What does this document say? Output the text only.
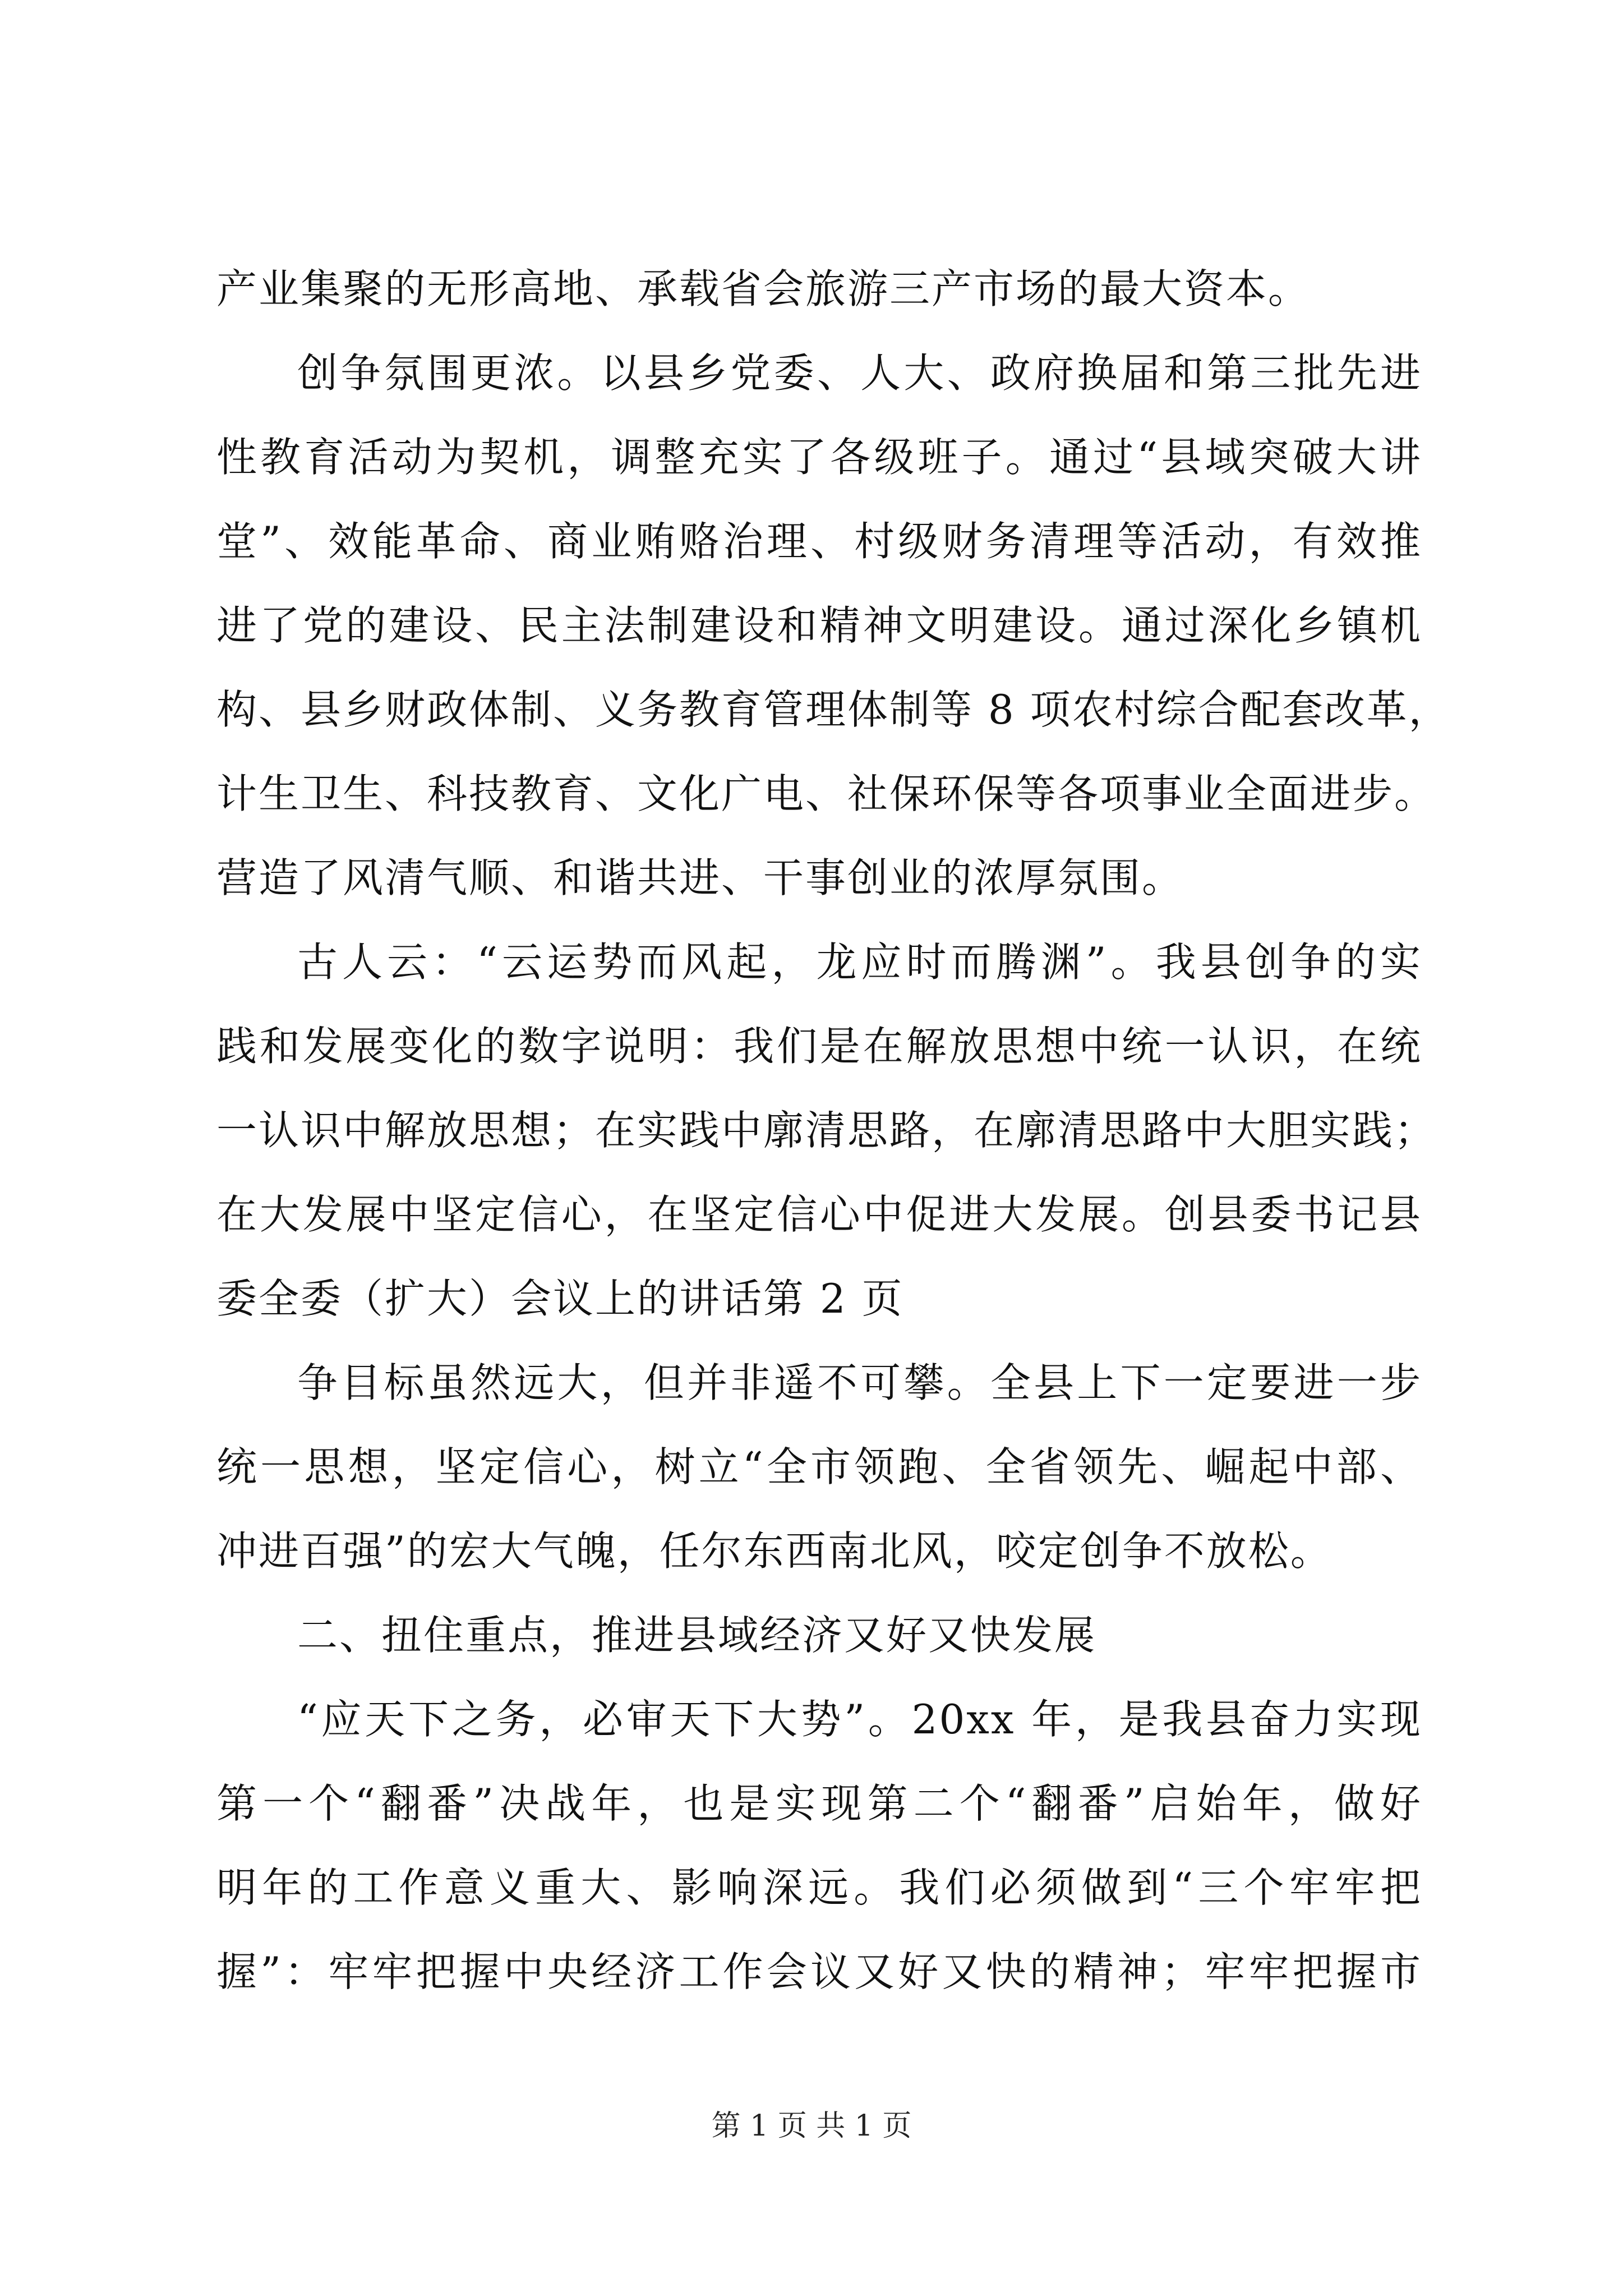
产业集聚的无形高地、承载省会旅游三产市场的最大资本。
创争氛围更浓。以县乡党委、人大、政府换届和第三批先进
性教育活动为契机，调整充实了各级班子。通过“县域突破大讲
堂”、效能革命、商业贿赂治理、村级财务清理等活动，有效推
进了党的建设、民主法制建设和精神文明建设。通过深化乡镇机
构、县乡财政体制、义务教育管理体制等 8 项农村综合配套改革，
计生卫生、科技教育、文化广电、社保环保等各项事业全面进步。
营造了风清气顺、和谐共进、干事创业的浓厚氛围。
古人云：“云运势而风起，龙应时而腾渊”。我县创争的实
践和发展变化的数字说明：我们是在解放思想中统一认识，在统
一认识中解放思想；在实践中廓清思路，在廓清思路中大胆实践；
在大发展中坚定信心，在坚定信心中促进大发展。创县委书记县
委全委（扩大）会议上的讲话第 2 页
争目标虽然远大，但并非遥不可攀。全县上下一定要进一步
统一思想，坚定信心，树立“全市领跑、全省领先、崛起中部、
冲进百强”的宏大气魄，任尔东西南北风，咬定创争不放松。
二、扭住重点，推进县域经济又好又快发展
“应天下之务，必审天下大势”。20xx 年，是我县奋力实现
第一个“翻番”决战年，也是实现第二个“翻番”启始年，做好
明年的工作意义重大、影响深远。我们必须做到“三个牢牢把
握”：牢牢把握中央经济工作会议又好又快的精神；牢牢把握市
第 1 页 共 1 页
